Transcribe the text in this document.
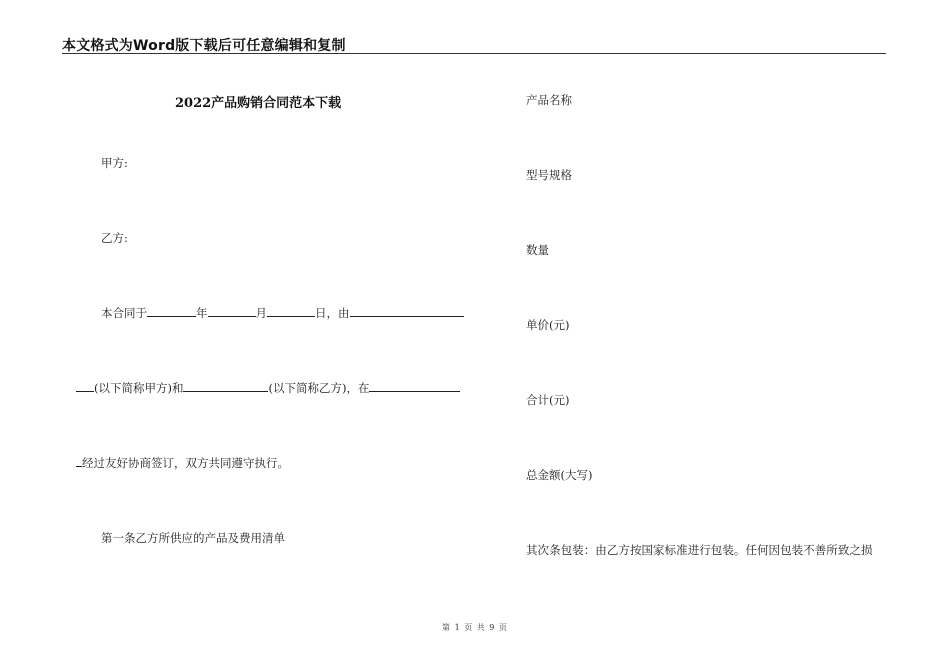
本文格式为Word版下载后可任意编辑和复制
2022产品购销合同范本下载
甲方:
乙方:
本合同于	年	月	日，由
(以下简称甲方)和	(以下简称乙方)，在
经过友好协商签订，双方共同遵守执行。
第一条乙方所供应的产品及费用清单
产品名称
型号规格
数量
单价(元)
合计(元)
总金额(大写)
其次条包装：由乙方按国家标准进行包装。任何因包装不善所致之损
第 1 页 共 9 页
